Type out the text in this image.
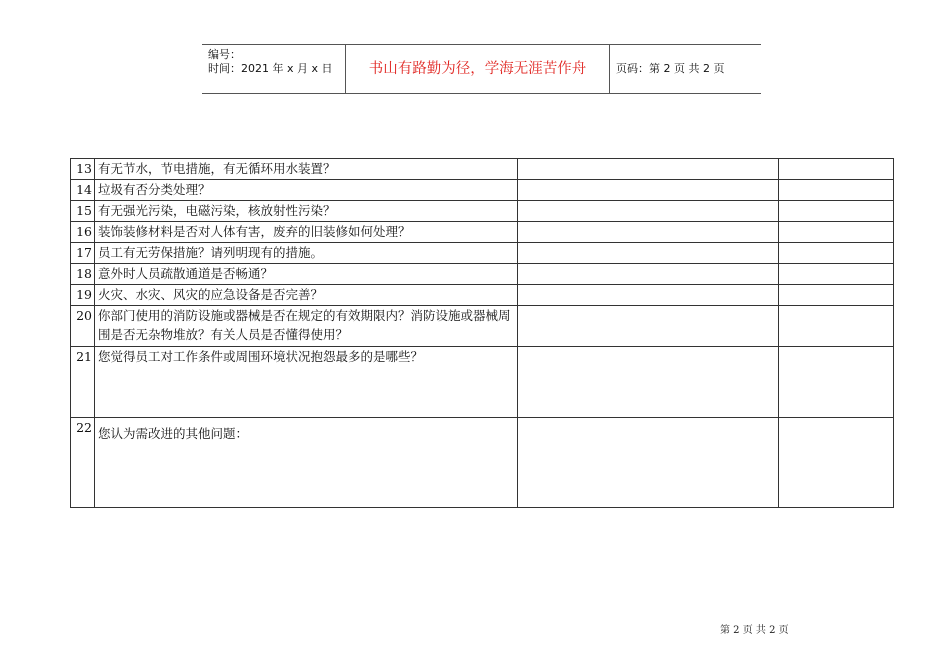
编号：
时间：2021 年 x 月 x 日	书山有路勤为径，学海无涯苦作舟	页码：第 2 页 共 2 页
13	有无节水，节电措施，有无循环用水装置？		
14	垃圾有否分类处理？		
15	有无强光污染，电磁污染，核放射性污染？		
16	装饰装修材料是否对人体有害，废弃的旧装修如何处理？		
17	员工有无劳保措施？请列明现有的措施。		
18	意外时人员疏散通道是否畅通？		
19	火灾、水灾、风灾的应急设备是否完善？		
20	你部门使用的消防设施或器械是否在规定的有效期限内？消防设施或器械周围是否无杂物堆放？有关人员是否懂得使用？		
21	您觉得员工对工作条件或周围环境状况抱怨最多的是哪些？		
22	您认为需改进的其他问题：		
第 2 页 共 2 页
